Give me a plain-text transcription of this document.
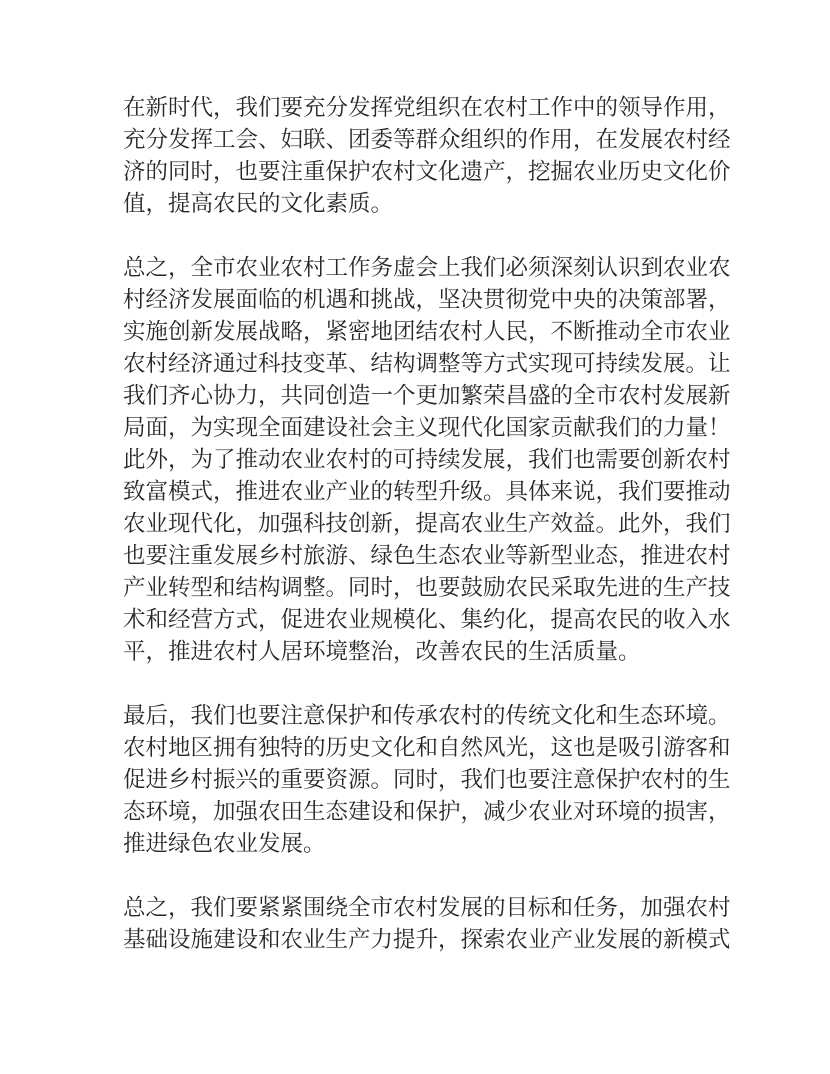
在新时代，我们要充分发挥党组织在农村工作中的领导作用，
充分发挥工会、妇联、团委等群众组织的作用，在发展农村经
济的同时，也要注重保护农村文化遗产，挖掘农业历史文化价
值，提高农民的文化素质。

总之，全市农业农村工作务虚会上我们必须深刻认识到农业农
村经济发展面临的机遇和挑战，坚决贯彻党中央的决策部署，
实施创新发展战略，紧密地团结农村人民，不断推动全市农业
农村经济通过科技变革、结构调整等方式实现可持续发展。让
我们齐心协力，共同创造一个更加繁荣昌盛的全市农村发展新
局面，为实现全面建设社会主义现代化国家贡献我们的力量！

此外，为了推动农业农村的可持续发展，我们也需要创新农村
致富模式，推进农业产业的转型升级。具体来说，我们要推动
农业现代化，加强科技创新，提高农业生产效益。此外，我们
也要注重发展乡村旅游、绿色生态农业等新型业态，推进农村
产业转型和结构调整。同时，也要鼓励农民采取先进的生产技
术和经营方式，促进农业规模化、集约化，提高农民的收入水
平，推进农村人居环境整治，改善农民的生活质量。

最后，我们也要注意保护和传承农村的传统文化和生态环境。
农村地区拥有独特的历史文化和自然风光，这也是吸引游客和
促进乡村振兴的重要资源。同时，我们也要注意保护农村的生
态环境，加强农田生态建设和保护，减少农业对环境的损害，
推进绿色农业发展。

总之，我们要紧紧围绕全市农村发展的目标和任务，加强农村
基础设施建设和农业生产力提升，探索农业产业发展的新模式
